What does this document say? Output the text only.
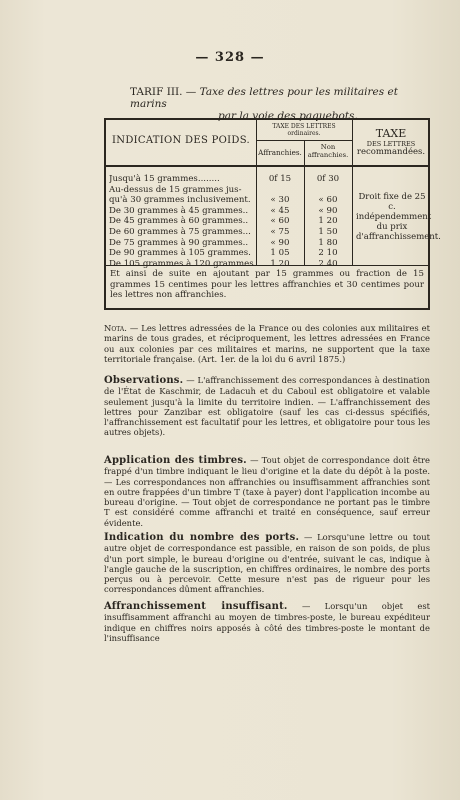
— 328 —
TARIF III. — Taxe des lettres pour les militaires et marins
par la voie des paquebots.
INDICATION DES POIDS.
TAXE DES LETTRES ordinaires.
Affranchies.
Non affranchies.
TAXE
DES LETTRES
recommandées.
Jusqu'à 15 grammes........	0f 15	0f 30
Au-dessus de 15 grammes jus-
qu'à 30 grammes inclusivement.	« 30	« 60
De 30 grammes à 45 grammes..	« 45	« 90
De 45 grammes à 60 grammes..	« 60	1 20
De 60 grammes à 75 grammes...	« 75	1 50
De 75 grammes à 90 grammes..	« 90	1 80
De 90 grammes à 105 grammes.	1 05	2 10
De 105 grammes à 120 grammes.	1 20	2 40
Droit fixe de 25 c. indépendemment du prix d'affranchissement.
Et ainsi de suite en ajoutant par 15 grammes ou fraction de 15 grammes 15 centimes pour les lettres affranchies et 30 centimes pour les lettres non affranchies.
Nota. — Les lettres adressées de la France ou des colonies aux militaires et marins de tous grades, et réciproquement, les lettres adressées en France ou aux colonies par ces militaires et marins, ne supportent que la taxe territoriale française. (Art. 1er. de la loi du 6 avril 1875.)
Observations. — L'affranchissement des correspondances à destination de l'État de Kaschmir, de Ladacuh et du Caboul est obligatoire et valable seulement jusqu'à la limite du territoire indien. — L'affranchissement des lettres pour Zanzibar est obligatoire (sauf les cas ci-dessus spécifiés, l'affranchissement est facultatif pour les lettres, et obligatoire pour tous les autres objets).
Application des timbres. — Tout objet de correspondance doit être frappé d'un timbre indiquant le lieu d'origine et la date du dépôt à la poste. — Les correspondances non affranchies ou insuffisamment affranchies sont en outre frappées d'un timbre T (taxe à payer) dont l'application incombe au bureau d'origine. — Tout objet de correspondance ne portant pas le timbre T est considéré comme affranchi et traité en conséquence, sauf erreur évidente.
Indication du nombre des ports. — Lorsqu'une lettre ou tout autre objet de correspondance est passible, en raison de son poids, de plus d'un port simple, le bureau d'origine ou d'entrée, suivant le cas, indique à l'angle gauche de la suscription, en chiffres ordinaires, le nombre des ports perçus ou à percevoir. Cette mesure n'est pas de rigueur pour les correspondances dûment affranchies.
Affranchissement insuffisant. — Lorsqu'un objet est insuffisamment affranchi au moyen de timbres-poste, le bureau expéditeur indique en chiffres noirs apposés à côté des timbres-poste le montant de l'insuffisance
